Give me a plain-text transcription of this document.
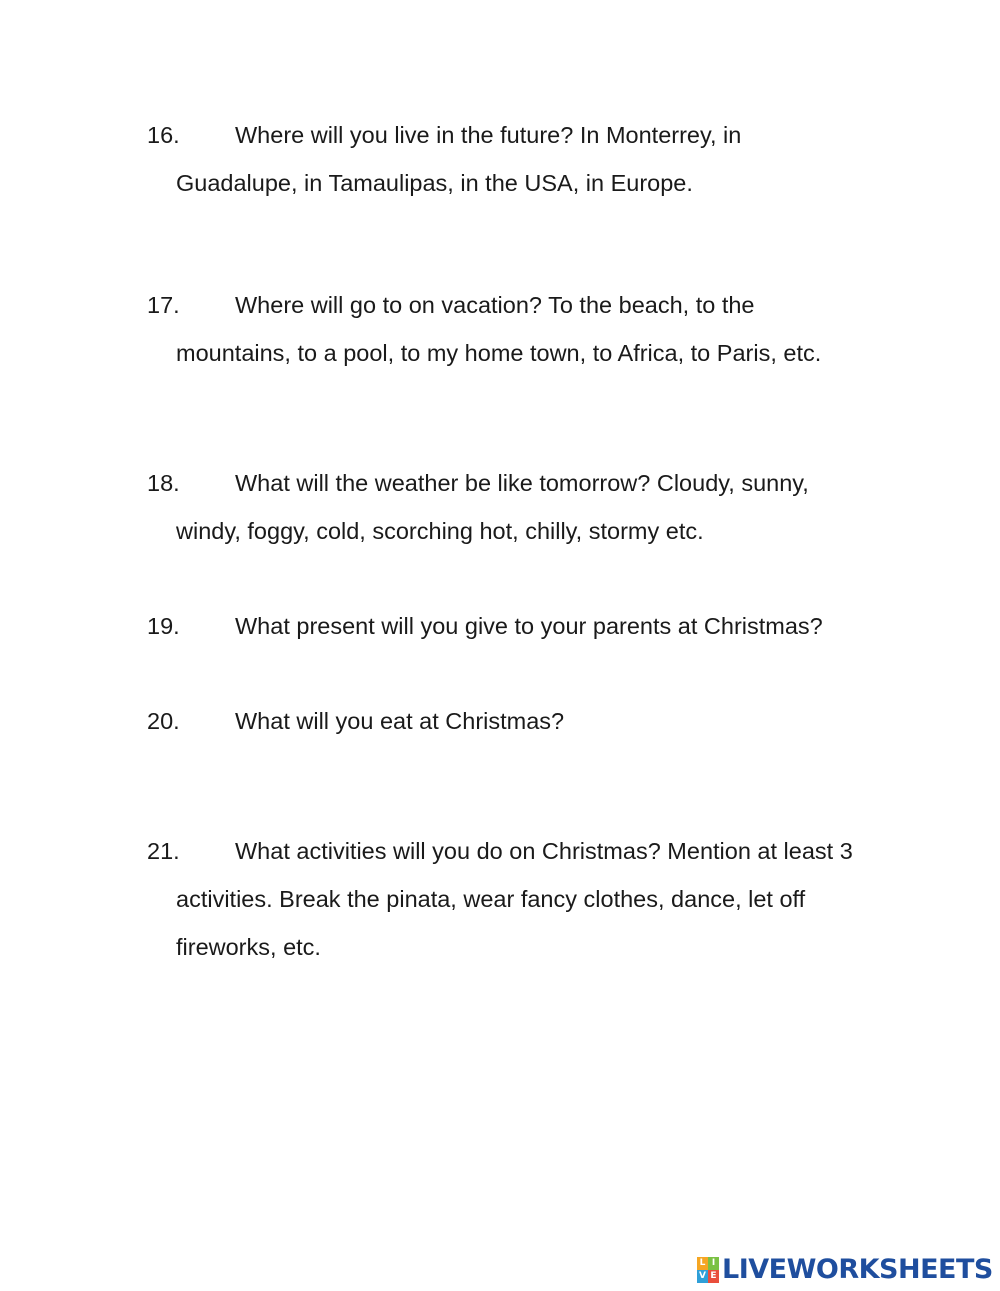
16.	Where will you live in the future? In Monterrey, in
Guadalupe, in Tamaulipas, in the USA, in Europe.
17.	Where will go to on vacation? To the beach, to the
mountains, to a pool, to my home town, to Africa, to Paris, etc.
18.	What will the weather be like tomorrow? Cloudy, sunny,
windy, foggy, cold, scorching hot, chilly, stormy etc.
19.	What present will you give to your parents at Christmas?
20.	What will you eat at Christmas?
21.	What activities will you do on Christmas? Mention at least 3
activities. Break the pinata, wear fancy clothes, dance, let off
fireworks, etc.
L I
V E LIVEWORKSHEETS
